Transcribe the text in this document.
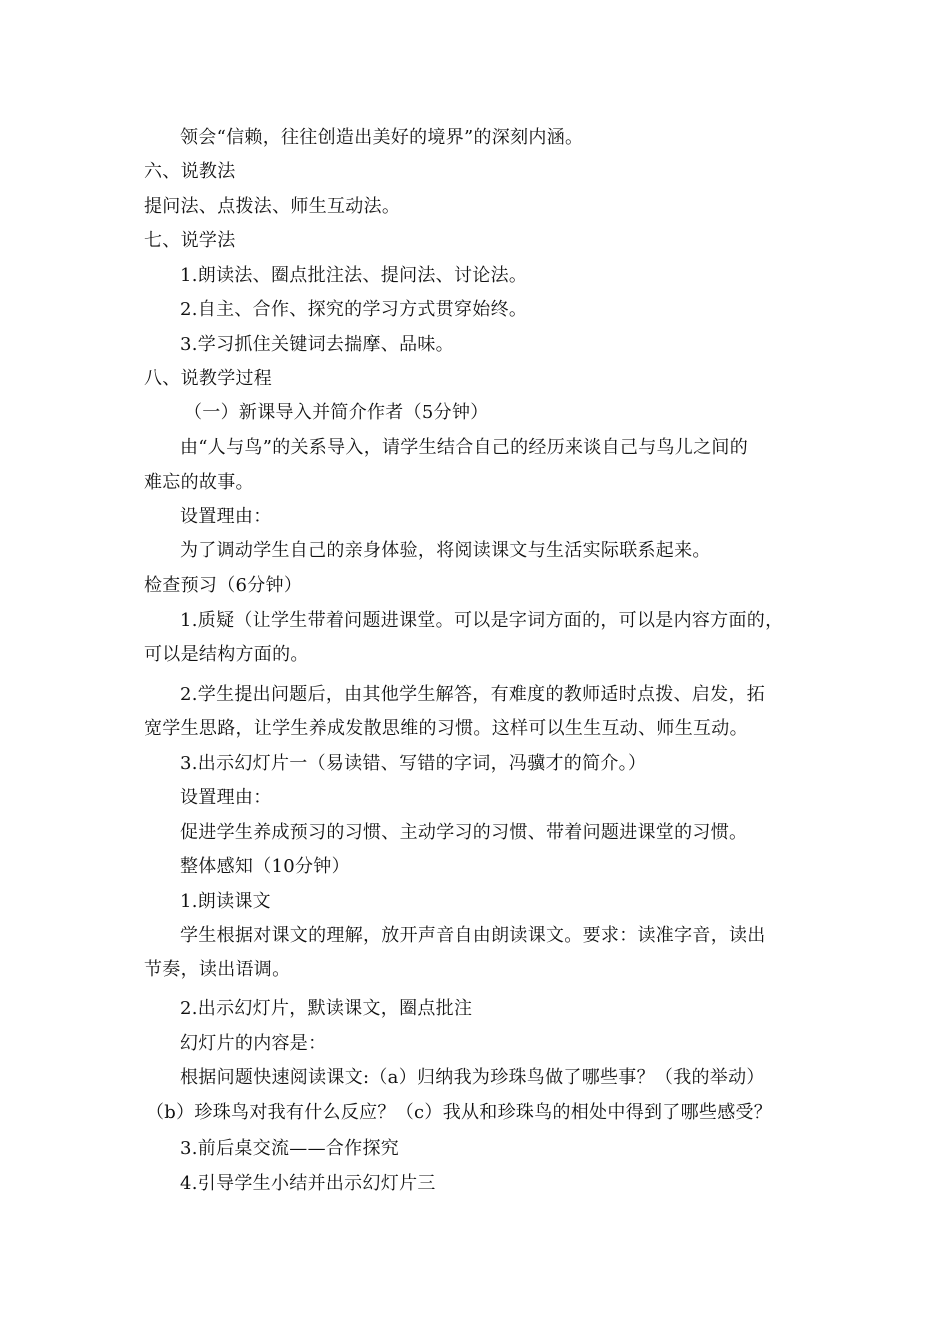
领会“信赖，往往创造出美好的境界”的深刻内涵。
六、说教法
提问法、点拨法、师生互动法。
七、说学法
1.朗读法、圈点批注法、提问法、讨论法。
2.自主、合作、探究的学习方式贯穿始终。
3.学习抓住关键词去揣摩、品味。
八、说教学过程
（一）新课导入并简介作者（5分钟）
由“人与鸟”的关系导入，请学生结合自己的经历来谈自己与鸟儿之间的
难忘的故事。
设置理由：
为了调动学生自己的亲身体验，将阅读课文与生活实际联系起来。
检查预习（6分钟）
1.质疑（让学生带着问题进课堂。可以是字词方面的，可以是内容方面的，
可以是结构方面的。
2.学生提出问题后，由其他学生解答，有难度的教师适时点拨、启发，拓
宽学生思路，让学生养成发散思维的习惯。这样可以生生互动、师生互动。
3.出示幻灯片一（易读错、写错的字词，冯骥才的简介。）
设置理由：
促进学生养成预习的习惯、主动学习的习惯、带着问题进课堂的习惯。
整体感知（10分钟）
1.朗读课文
学生根据对课文的理解，放开声音自由朗读课文。要求：读准字音，读出
节奏，读出语调。
2.出示幻灯片，默读课文，圈点批注
幻灯片的内容是：
根据问题快速阅读课文:（a）归纳我为珍珠鸟做了哪些事？（我的举动）
（b）珍珠鸟对我有什么反应？（c）我从和珍珠鸟的相处中得到了哪些感受？
3.前后桌交流——合作探究
4.引导学生小结并出示幻灯片三
